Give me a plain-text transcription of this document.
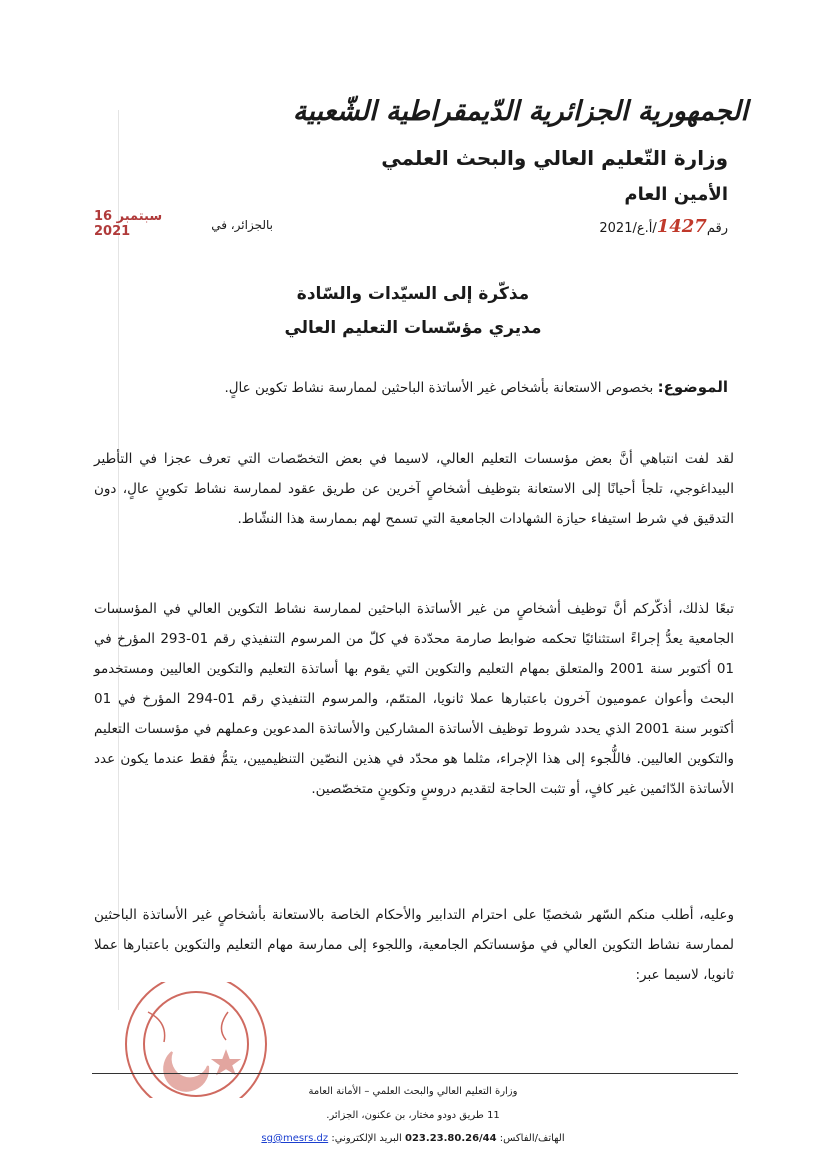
الجمهورية الجزائرية الدّيمقراطية الشّعبية
وزارة التّعليم العالي والبحث العلمي
الأمين العام
رقم1427/أ.ع/2021
بالجزائر، في
16 سبتمبر 2021
مذكّرة إلى السيّدات والسّادة
مديري مؤسّسات التعليم العالي
الموضوع: بخصوص الاستعانة بأشخاص غير الأساتذة الباحثين لممارسة نشاط تكوين عالٍ.
لقد لفت انتباهي أنَّ بعض مؤسسات التعليم العالي، لاسيما في بعض التخصّصات التي تعرف عجزا في التأطير البيداغوجي، تلجأ أحيانًا إلى الاستعانة بتوظيف أشخاصٍ آخرين عن طريق عقود لممارسة نشاط تكوينٍ عالٍ، دون التدقيق في شرط استيفاء حيازة الشهادات الجامعية التي تسمح لهم بممارسة هذا النشّاط.
تبعًا لذلك، أذكّركم أنَّ توظيف أشخاصٍ من غير الأساتذة الباحثين لممارسة نشاط التكوين العالي في المؤسسات الجامعية يعدُّ إجراءً استثنائيًا تحكمه ضوابط صارمة محدّدة في كلّ من المرسوم التنفيذي رقم 01-293 المؤرخ في 01 أكتوبر سنة 2001 والمتعلق بمهام التعليم والتكوين التي يقوم بها أساتذة التعليم والتكوين العاليين ومستخدمو البحث وأعوان عموميون آخرون باعتبارها عملا ثانويا، المتمّم، والمرسوم التنفيذي رقم 01-294 المؤرخ في 01 أكتوبر سنة 2001 الذي يحدد شروط توظيف الأساتذة المشاركين والأساتذة المدعوين وعملهم في مؤسسات التعليم والتكوين العاليين. فاللُّجوء إلى هذا الإجراء، مثلما هو محدّد في هذين النصّين التنظيميين، يتمُّ فقط عندما يكون عدد الأساتذة الدّائمين غير كافٍ، أو تثبت الحاجة لتقديم دروسٍ وتكوينٍ متخصّصين.
وعليه، أطلب منكم السّهر شخصيًا على احترام التدابير والأحكام الخاصة بالاستعانة بأشخاصٍ غير الأساتذة الباحثين لممارسة نشاط التكوين العالي في مؤسساتكم الجامعية، واللجوء إلى ممارسة مهام التعليم والتكوين باعتبارها عملا ثانويا، لاسيما عبر:
وزارة التعليم العالي والبحث العلمي – الأمانة العامة
11 طريق دودو مختار، بن عكنون، الجزائر.
الهاتف/الفاكس: 023.23.80.26/44 البريد الإلكتروني: sg@mesrs.dz
